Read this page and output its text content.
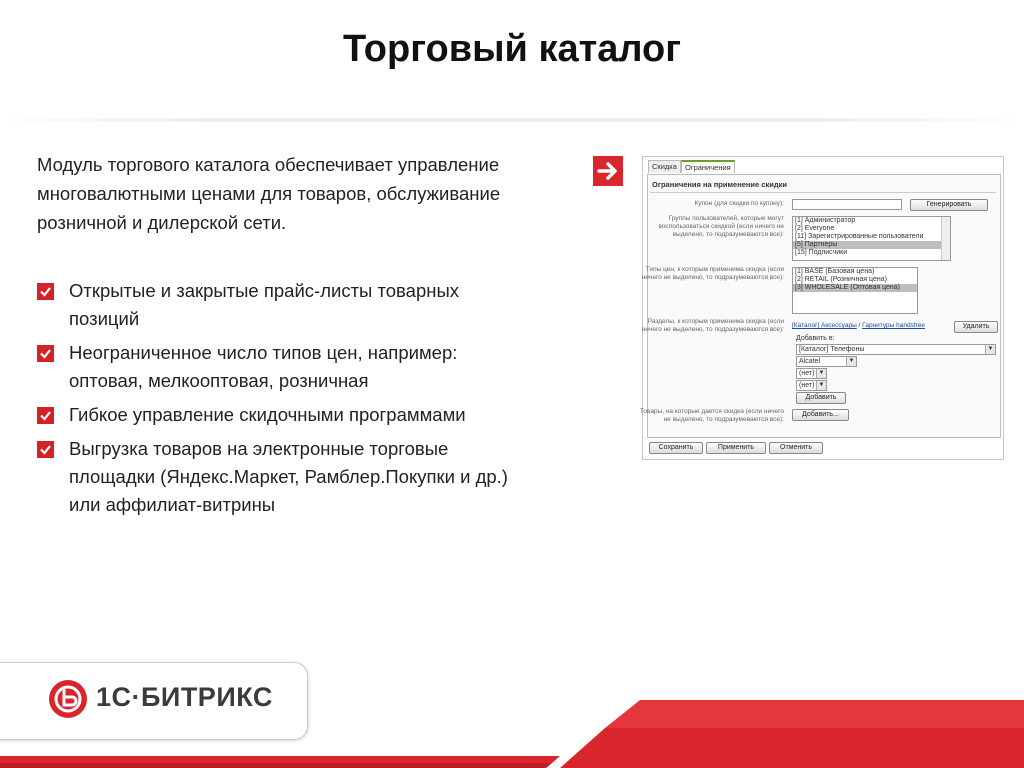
Торговый каталог
Модуль торгового каталога обеспечивает управление многовалютными ценами для товаров, обслуживание розничной и дилерской сети.
Открытые и закрытые прайс-листы товарных позиций
Неограниченное число типов цен, например: оптовая, мелкооптовая, розничная
Гибкое управление скидочными программами
Выгрузка товаров на электронные торговые площадки (Яндекс.Маркет, Рамблер.Покупки и др.) или аффилиат-витрины
Скидка	Ограничения
Ограничения на применение скидки
Купон (для скидки по купону):	Генерировать
Группы пользователей, которые могут воспользоваться скидкой (если ничего не выделено, то подразумеваются все):
[1] Администратор
[2] Everyone
[11] Зарегистрированные пользователи
[5] Партнеры
[15] Подписчики
Типы цен, к которым применима скидка (если ничего не выделено, то подразумеваются все):
[1] BASE (Базовая цена)
[2] RETAIL (Розничная цена)
[3] WHOLESALE (Оптовая цена)
Разделы, к которым применима скидка (если ничего не выделено, то подразумеваются все):
[Каталог] Аксессуары / Гарнитуры handsfree	Удалить
Добавить в:
[Каталог] Телефоны	▼
Alcatel	▼
(нет) ▼
(нет) ▼
Добавить
Товары, на которые дается скидка (если ничего не выделено, то подразумеваются все):
Добавить...
Сохранить	Применить	Отменить
1С·БИТРИКС
